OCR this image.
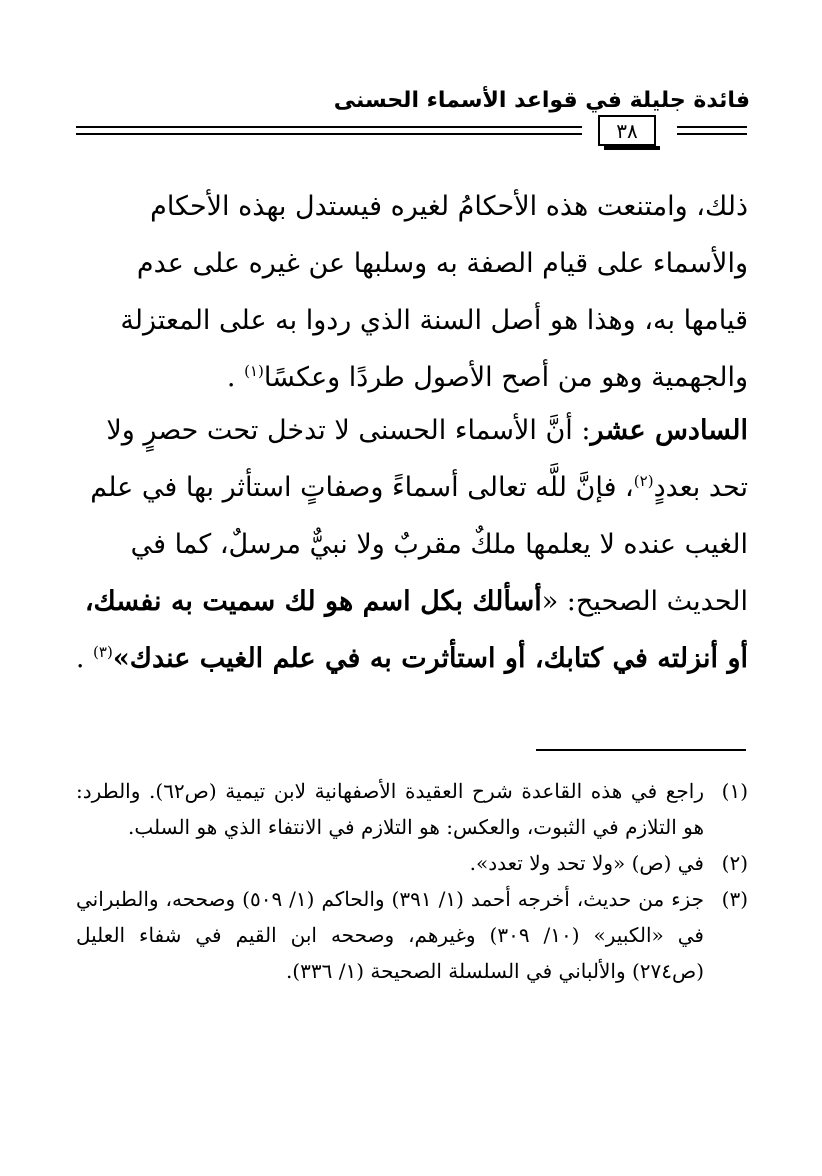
فائدة جليلة في قواعد الأسماء الحسنى
٣٨

ذلك، وامتنعت هذه الأحكامُ لغيره فيستدل بهذه الأحكام والأسماء على قيام الصفة به وسلبها عن غيره على عدم قيامها به، وهذا هو أصل السنة الذي ردوا به على المعتزلة والجهمية وهو من أصح الأصول طردًا وعكسًا$^{(١)}$ .

السادس عشر: أنَّ الأسماء الحسنى لا تدخل تحت حصرٍ ولا تحد بعددٍ$^{(٢)}$، فإنَّ للَّه تعالى أسماءً وصفاتٍ استأثر بها في علم الغيب عنده لا يعلمها ملكٌ مقربٌ ولا نبيٌّ مرسلٌ، كما في الحديث الصحيح: «أسألك بكل اسم هو لك سميت به نفسك، أو أنزلته في كتابك، أو استأثرت به في علم الغيب عندك»$^{(٣)}$ .

(١)
راجع في هذه القاعدة شرح العقيدة الأصفهانية لابن تيمية (ص٦٢). والطرد: هو التلازم في الثبوت، والعكس: هو التلازم في الانتفاء الذي هو السلب.
(٢)
في (ص) «ولا تحد ولا تعدد».
(٣)
جزء من حديث، أخرجه أحمد (١/ ٣٩١) والحاكم (١/ ٥٠٩) وصححه، والطبراني في «الكبير» (١٠/ ٣٠٩) وغيرهم، وصححه ابن القيم في شفاء العليل (ص٢٧٤) والألباني في السلسلة الصحيحة (١/ ٣٣٦).
